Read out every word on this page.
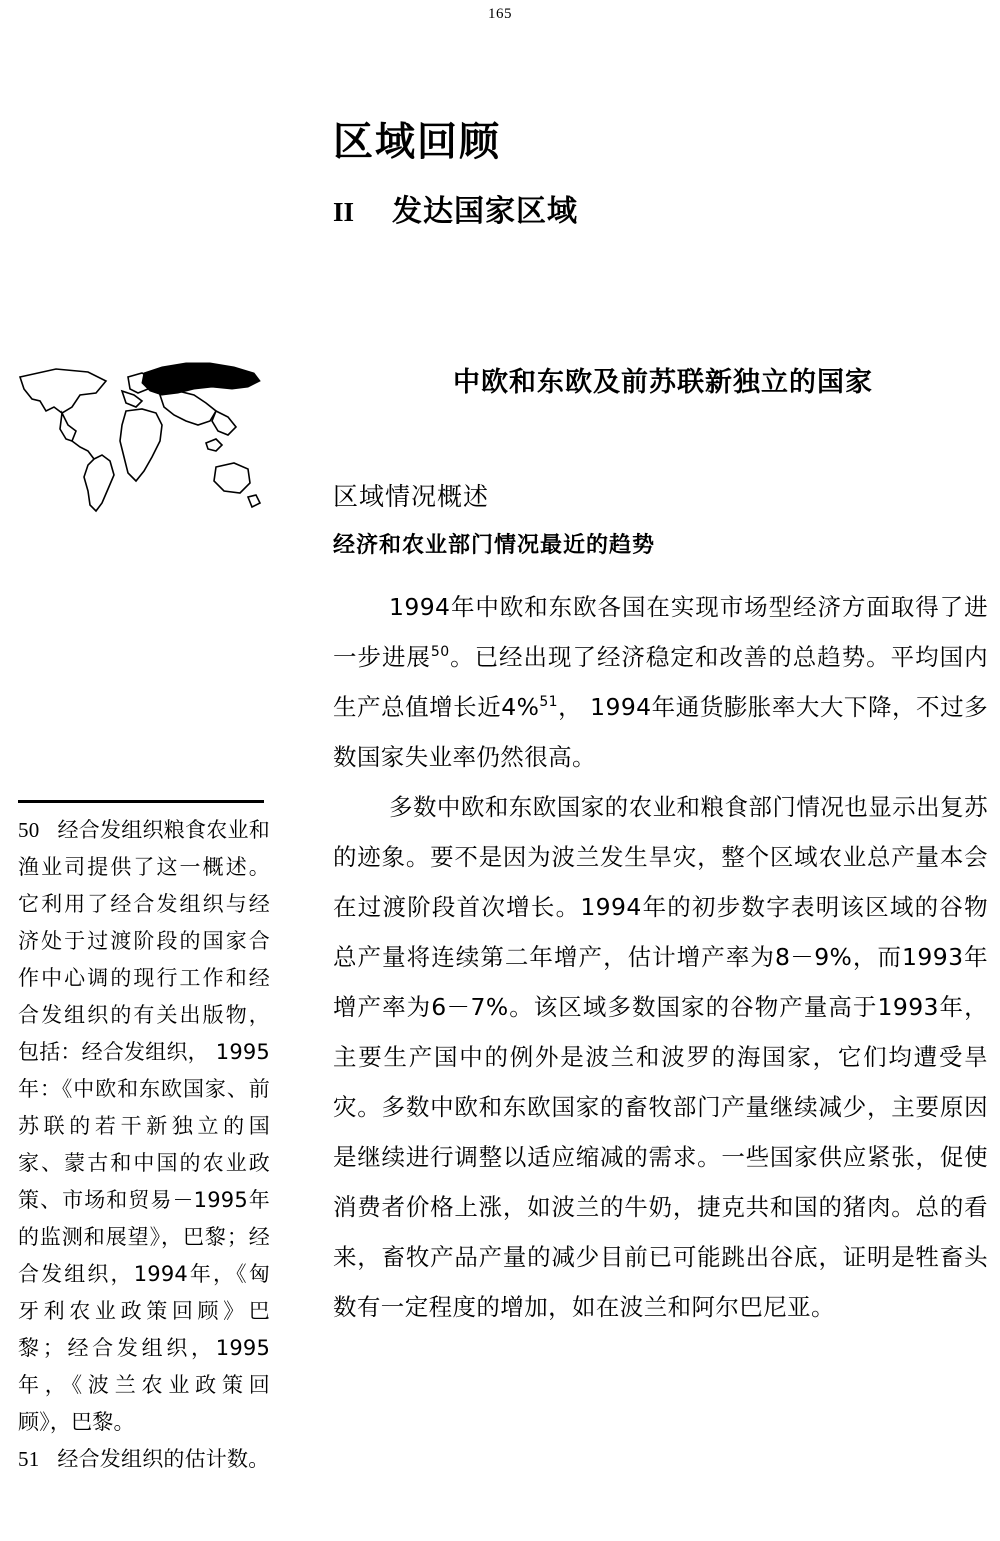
165
区域回顾
II 发达国家区域
中欧和东欧及前苏联新独立的国家
区域情况概述
经济和农业部门情况最近的趋势

1994年中欧和东欧各国在实现市场型经济方面取得了进一步进展$^{50}$。已经出现了经济稳定和改善的总趋势。平均国内生产总值增长近4%$^{51}$， 1994年通货膨胀率大大下降，不过多数国家失业率仍然很高。

多数中欧和东欧国家的农业和粮食部门情况也显示出复苏的迹象。要不是因为波兰发生旱灾，整个区域农业总产量本会在过渡阶段首次增长。1994年的初步数字表明该区域的谷物总产量将连续第二年增产，估计增产率为8－9%，而1993年增产率为6－7%。该区域多数国家的谷物产量高于1993年，主要生产国中的例外是波兰和波罗的海国家，它们均遭受旱灾。多数中欧和东欧国家的畜牧部门产量继续减少，主要原因是继续进行调整以适应缩减的需求。一些国家供应紧张，促使消费者价格上涨，如波兰的牛奶，捷克共和国的猪肉。总的看来，畜牧产品产量的减少目前已可能跳出谷底，证明是牲畜头数有一定程度的增加，如在波兰和阿尔巴尼亚。

50 经合发组织粮食农业和渔业司提供了这一概述。它利用了经合发组织与经济处于过渡阶段的国家合作中心调的现行工作和经合发组织的有关出版物，包括：经合发组织， 1995年：《中欧和东欧国家、前苏联的若干新独立的国家、蒙古和中国的农业政策、市场和贸易－1995年的监测和展望》，巴黎；经合发组织，1994年，《匈牙利农业政策回顾》巴黎；经合发组织，1995年，《波兰农业政策回顾》，巴黎。

51 经合发组织的估计数。
